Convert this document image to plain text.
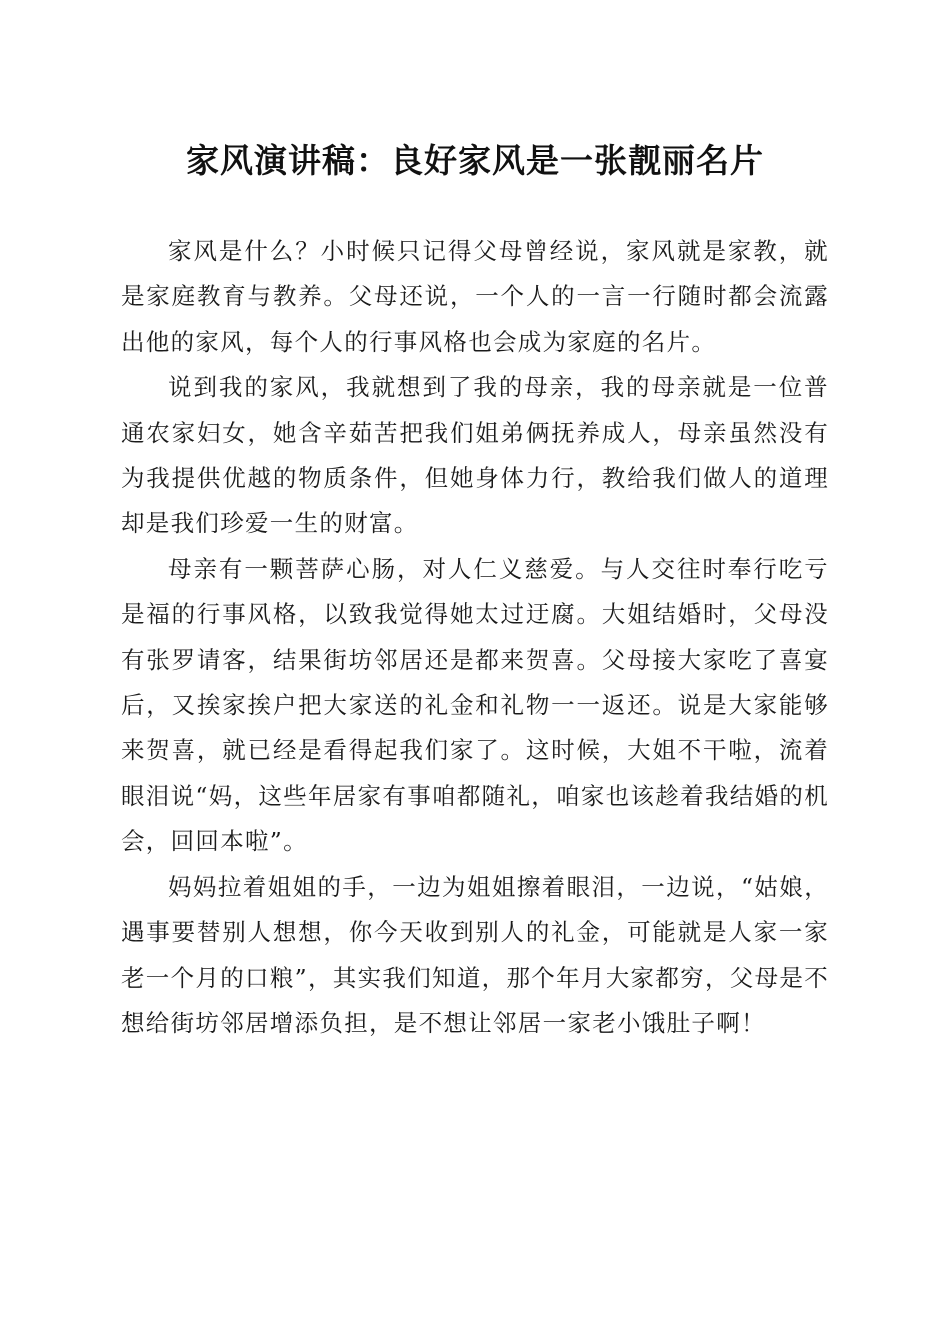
家风演讲稿：良好家风是一张靓丽名片

家风是什么？小时候只记得父母曾经说，家风就是家教，就是家庭教育与教养。父母还说，一个人的一言一行随时都会流露出他的家风，每个人的行事风格也会成为家庭的名片。

说到我的家风，我就想到了我的母亲，我的母亲就是一位普通农家妇女，她含辛茹苦把我们姐弟俩抚养成人，母亲虽然没有为我提供优越的物质条件，但她身体力行，教给我们做人的道理却是我们珍爱一生的财富。

母亲有一颗菩萨心肠，对人仁义慈爱。与人交往时奉行吃亏是福的行事风格，以致我觉得她太过迂腐。大姐结婚时，父母没有张罗请客，结果街坊邻居还是都来贺喜。父母接大家吃了喜宴后，又挨家挨户把大家送的礼金和礼物一一返还。说是大家能够来贺喜，就已经是看得起我们家了。这时候，大姐不干啦，流着眼泪说“妈，这些年居家有事咱都随礼，咱家也该趁着我结婚的机会，回回本啦”。

妈妈拉着姐姐的手，一边为姐姐擦着眼泪，一边说，“姑娘，遇事要替别人想想，你今天收到别人的礼金，可能就是人家一家老一个月的口粮”，其实我们知道，那个年月大家都穷，父母是不想给街坊邻居增添负担，是不想让邻居一家老小饿肚子啊！
